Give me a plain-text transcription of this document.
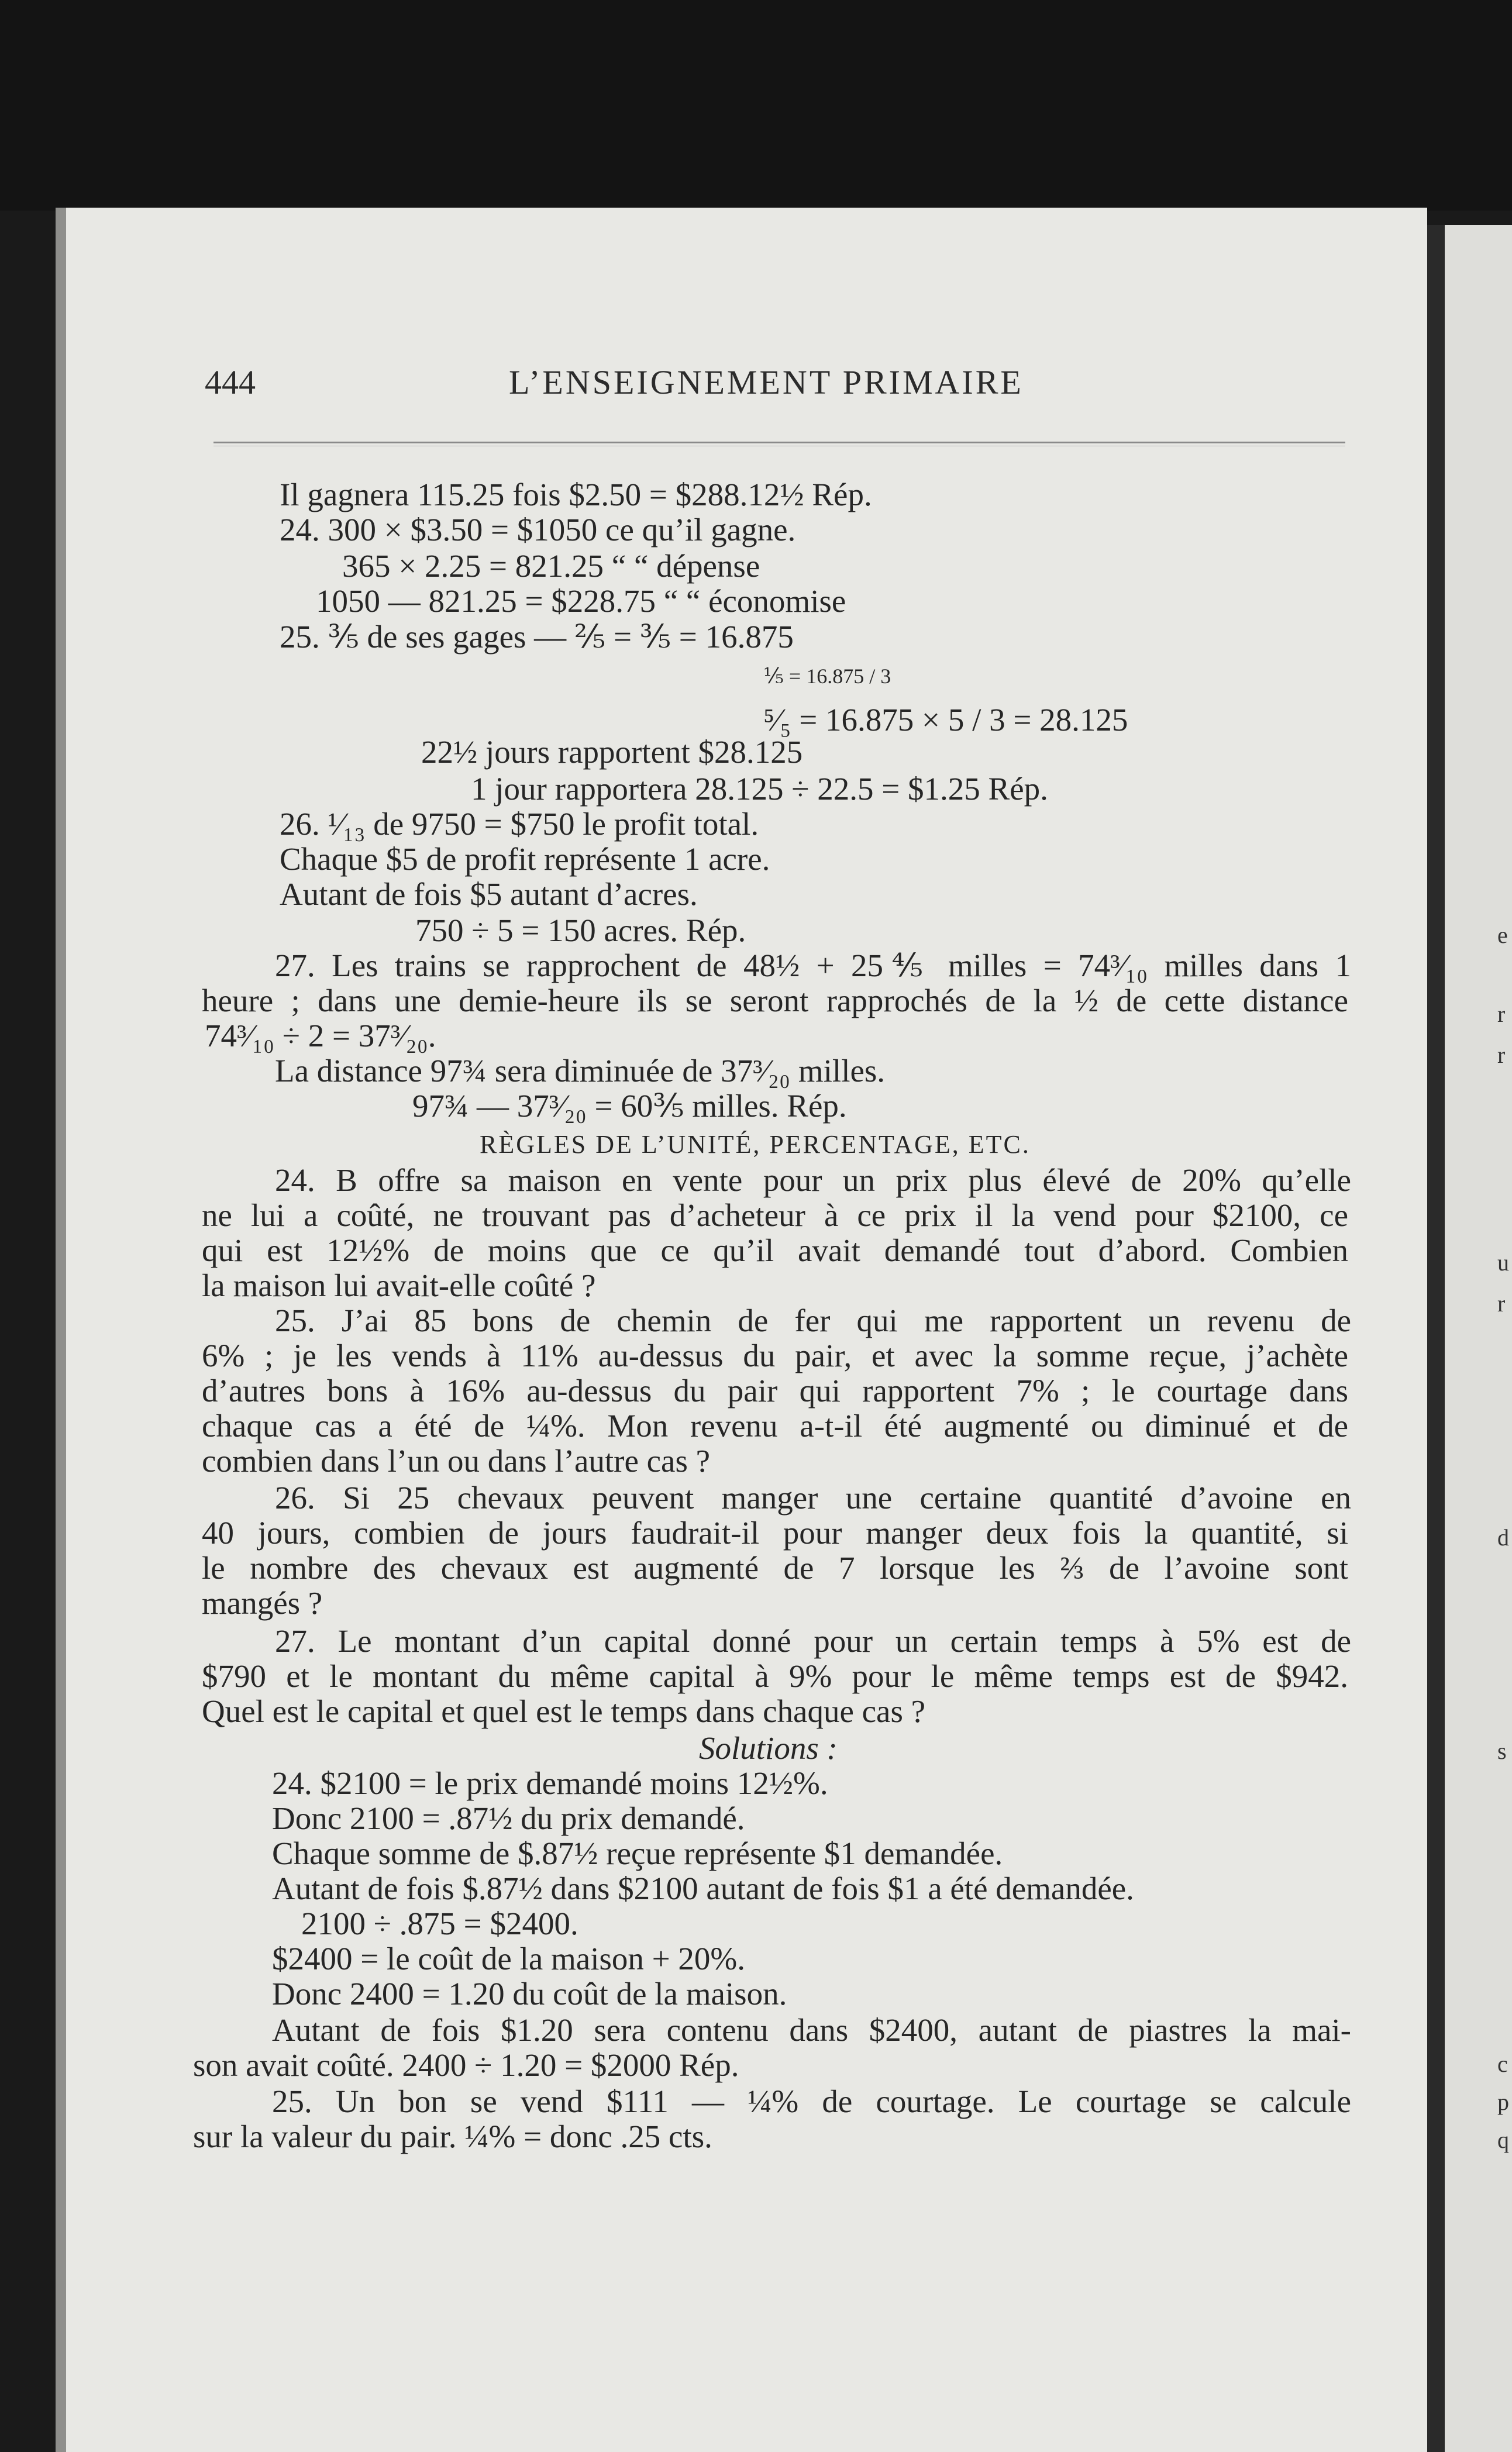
e
r
r
u
r
d
s
c
p
q
444	L’ENSEIGNEMENT PRIMAIRE
Il gagnera 115.25 fois $2.50 = $288.12½ Rép.
24. 300 × $3.50 = $1050 ce qu’il gagne.
365 × 2.25 = 821.25 “ “ dépense
1050 — 821.25 = $228.75 “ “ économise
25. ⅗ de ses gages — ⅖ = ⅗ = 16.875
⅕ = 16.875 / 3
⁵⁄₅ = 16.875 × 5 / 3 = 28.125
22½ jours rapportent $28.125
1 jour rapportera 28.125 ÷ 22.5 = $1.25 Rép.
26. ¹⁄₁₃ de 9750 = $750 le profit total.
Chaque $5 de profit représente 1 acre.
Autant de fois $5 autant d’acres.
750 ÷ 5 = 150 acres. Rép.
27. Les trains se rapprochent de 48½ + 25⅘ milles = 74³⁄₁₀ milles dans 1
heure ; dans une demie-heure ils se seront rapprochés de la ½ de cette distance
74³⁄₁₀ ÷ 2 = 37³⁄₂₀.
La distance 97¾ sera diminuée de 37³⁄₂₀ milles.
97¾ — 37³⁄₂₀ = 60⅗ milles. Rép.
RÈGLES DE L’UNITÉ, PERCENTAGE, ETC.
24. B offre sa maison en vente pour un prix plus élevé de 20% qu’elle
ne lui a coûté, ne trouvant pas d’acheteur à ce prix il la vend pour $2100, ce
qui est 12½% de moins que ce qu’il avait demandé tout d’abord. Combien
la maison lui avait-elle coûté ?
25. J’ai 85 bons de chemin de fer qui me rapportent un revenu de
6% ; je les vends à 11% au-dessus du pair, et avec la somme reçue, j’achète
d’autres bons à 16% au-dessus du pair qui rapportent 7% ; le courtage dans
chaque cas a été de ¼%. Mon revenu a-t-il été augmenté ou diminué et de
combien dans l’un ou dans l’autre cas ?
26. Si 25 chevaux peuvent manger une certaine quantité d’avoine en
40 jours, combien de jours faudrait-il pour manger deux fois la quantité, si
le nombre des chevaux est augmenté de 7 lorsque les ⅔ de l’avoine sont
mangés ?
27. Le montant d’un capital donné pour un certain temps à 5% est de
$790 et le montant du même capital à 9% pour le même temps est de $942.
Quel est le capital et quel est le temps dans chaque cas ?
Solutions :
24. $2100 = le prix demandé moins 12½%.
Donc 2100 = .87½ du prix demandé.
Chaque somme de $.87½ reçue représente $1 demandée.
Autant de fois $.87½ dans $2100 autant de fois $1 a été demandée.
2100 ÷ .875 = $2400.
$2400 = le coût de la maison + 20%.
Donc 2400 = 1.20 du coût de la maison.
Autant de fois $1.20 sera contenu dans $2400, autant de piastres la mai-
son avait coûté. 2400 ÷ 1.20 = $2000 Rép.
25. Un bon se vend $111 — ¼% de courtage. Le courtage se calcule
sur la valeur du pair. ¼% = donc .25 cts.
